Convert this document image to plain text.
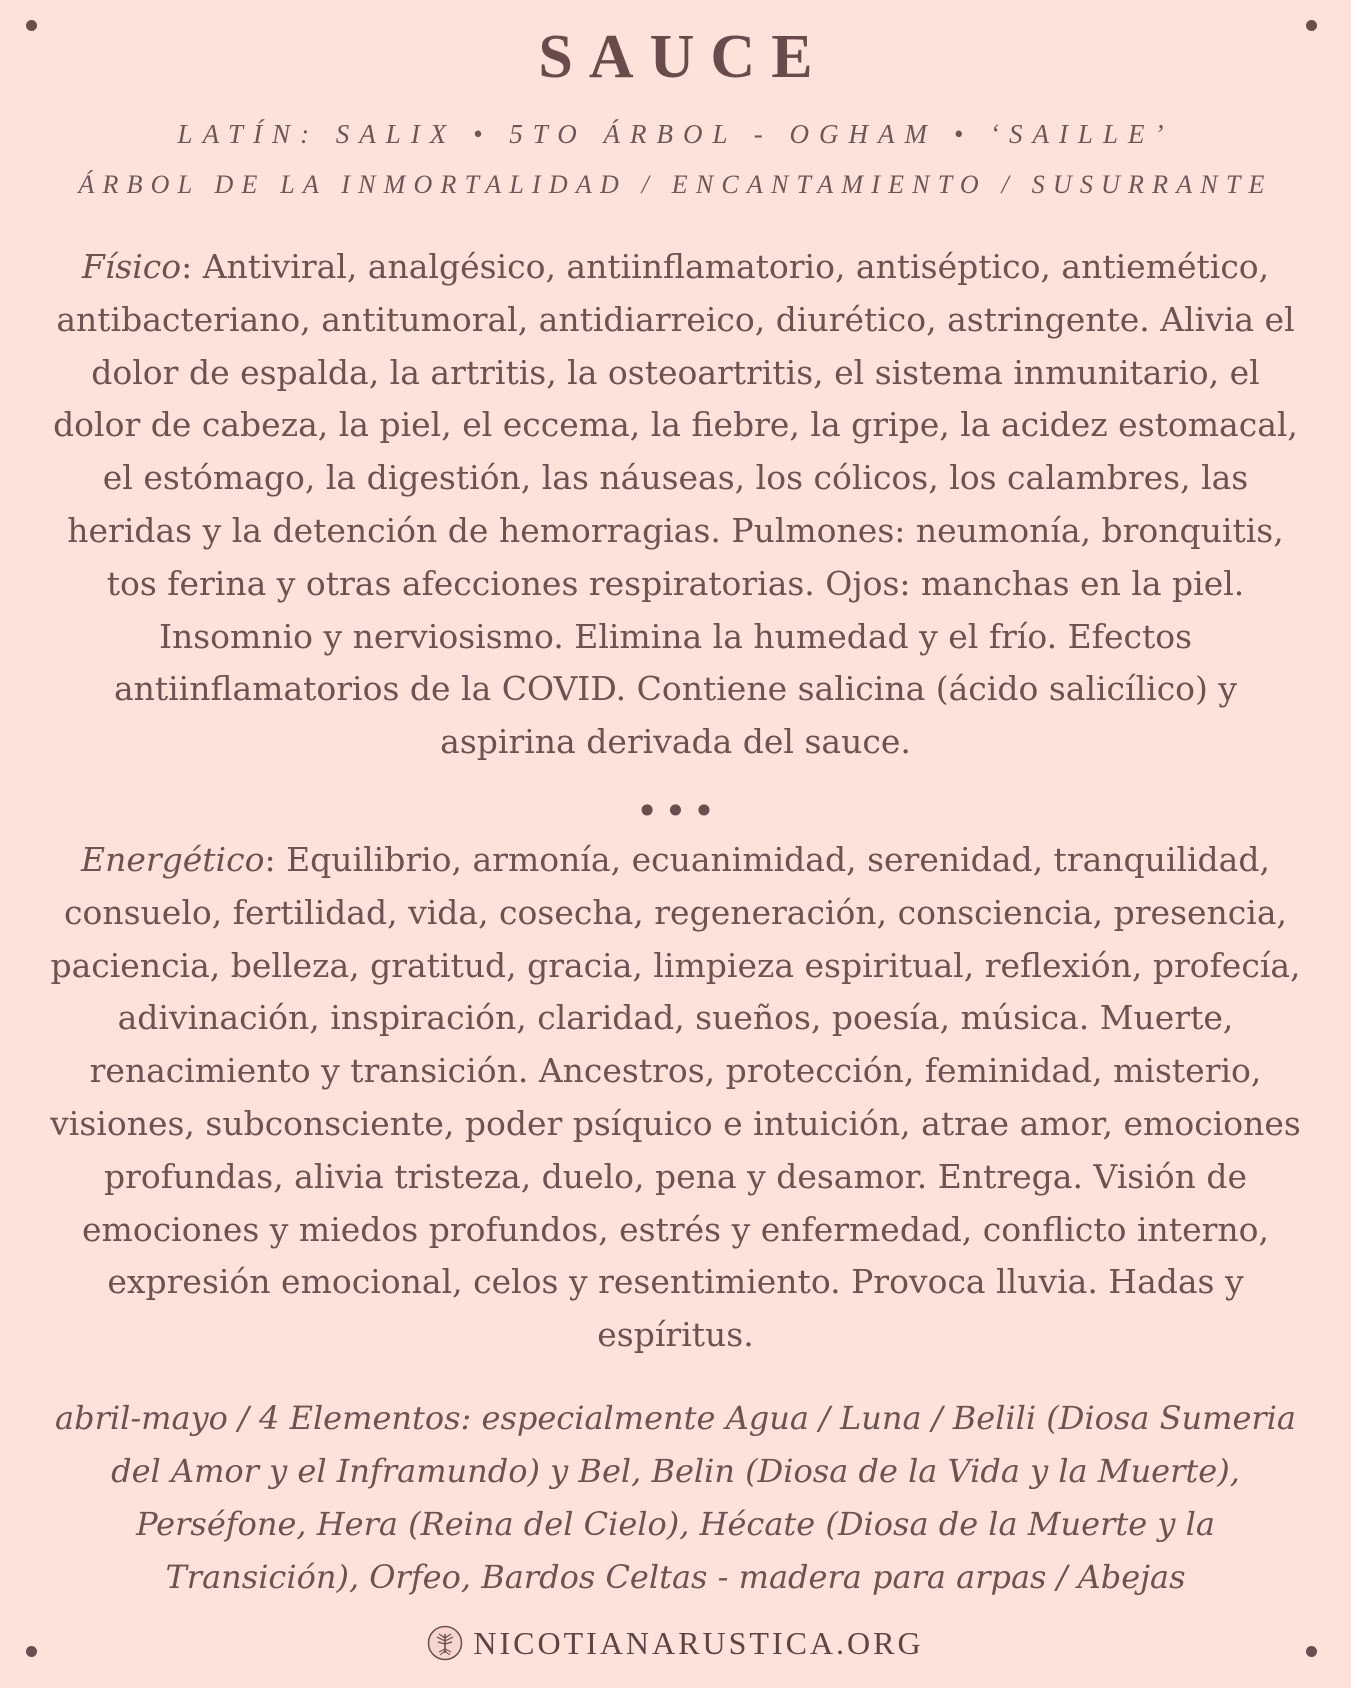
SAUCE
LATÍN: SALIX • 5TO ÁRBOL - OGHAM • ‘SAILLE’
ÁRBOL DE LA INMORTALIDAD / ENCANTAMIENTO / SUSURRANTE
Físico: Antiviral, analgésico, antiinflamatorio, antiséptico, antiemético, antibacteriano, antitumoral, antidiarreico, diurético, astringente. Alivia el dolor de espalda, la artritis, la osteoartritis, el sistema inmunitario, el dolor de cabeza, la piel, el eccema, la fiebre, la gripe, la acidez estomacal, el estómago, la digestión, las náuseas, los cólicos, los calambres, las heridas y la detención de hemorragias. Pulmones: neumonía, bronquitis, tos ferina y otras afecciones respiratorias. Ojos: manchas en la piel. Insomnio y nerviosismo. Elimina la humedad y el frío. Efectos antiinflamatorios de la COVID. Contiene salicina (ácido salicílico) y aspirina derivada del sauce.
•••
Energético: Equilibrio, armonía, ecuanimidad, serenidad, tranquilidad, consuelo, fertilidad, vida, cosecha, regeneración, consciencia, presencia, paciencia, belleza, gratitud, gracia, limpieza espiritual, reflexión, profecía, adivinación, inspiración, claridad, sueños, poesía, música. Muerte, renacimiento y transición. Ancestros, protección, feminidad, misterio, visiones, subconsciente, poder psíquico e intuición, atrae amor, emociones profundas, alivia tristeza, duelo, pena y desamor. Entrega. Visión de emociones y miedos profundos, estrés y enfermedad, conflicto interno, expresión emocional, celos y resentimiento. Provoca lluvia. Hadas y espíritus.
abril-mayo / 4 Elementos: especialmente Agua / Luna / Belili (Diosa Sumeria del Amor y el Inframundo) y Bel, Belin (Diosa de la Vida y la Muerte), Perséfone, Hera (Reina del Cielo), Hécate (Diosa de la Muerte y la Transición), Orfeo, Bardos Celtas - madera para arpas / Abejas
NICOTIANARUSTICA.ORG
